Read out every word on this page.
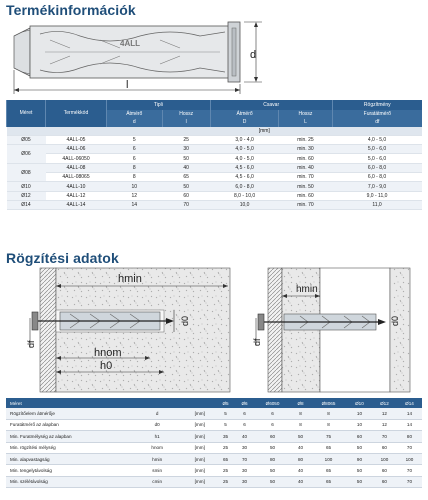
Termékinformációk
4ALL
d
l
Méret	Termékkód	Tipli		Csavar		Rögzítmény
		Átmérő	Hossz	Átmérő	Hossz	Furatátmérő
		d	l	D	L	df
		[mm]				
Ø05	4ALL-05	5	25	3,0 - 4,0	min. 25	4,0 - 5,0
Ø06	4ALL-06	6	30	4,0 - 5,0	min. 30	5,0 - 6,0
	4ALL-06050	6	50	4,0 - 5,0	min. 60	5,0 - 6,0
Ø08	4ALL-08	8	40	4,5 - 6,0	min. 40	6,0 - 8,0
	4ALL-08065	8	65	4,5 - 6,0	min. 70	6,0 - 8,0
Ø10	4ALL-10	10	50	6,0 - 8,0	min. 50	7,0 - 9,0
Ø12	4ALL-12	12	60	8,0 - 10,0	min. 60	9,0 - 11,0
Ø14	4ALL-14	14	70	10,0	min. 70	11,0
Rögzítési adatok
hmin
d0
df
hnom
h0
hmin
d0
df
Méret			Ø5	Ø6	Ø6050	Ø8	Ø8065	Ø10	Ø12	Ø14
Rögzítőelem átmérője	d	[mm]	5	6	6	8	8	10	12	14
Furatátmérő az alapban	d0	[mm]	5	6	6	8	8	10	12	14
Min. Furatmélység az alapban	h1	[mm]	35	40	60	50	75	60	70	80
Min. rögzítési mélység	hnom	[mm]	25	30	50	40	65	50	60	70
Min. alapvastagság	hmin	[mm]	65	70	80	80	100	90	100	100
Min. tengelytávolság	smin	[mm]	25	30	50	40	65	50	60	70
Min. szélétávolság	cmin	[mm]	25	30	50	40	65	50	60	70
